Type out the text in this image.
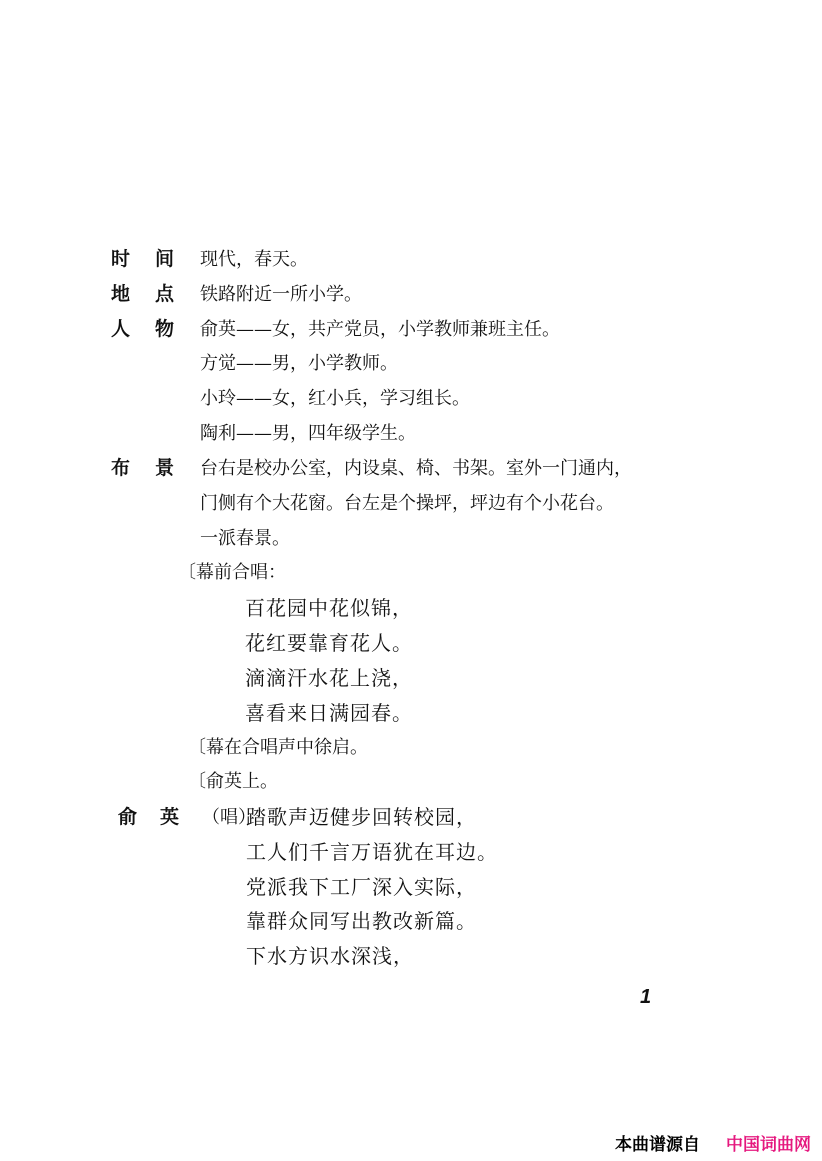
时 间 现代，春天。
地 点 铁路附近一所小学。
人 物 俞英——女，共产党员，小学教师兼班主任。
方觉——男，小学教师。
小玲——女，红小兵，学习组长。
陶利——男，四年级学生。
布 景 台右是校办公室，内设桌、椅、书架。室外一门通内，
门侧有个大花窗。台左是个操坪，坪边有个小花台。
一派春景。
〔幕前合唱：
百花园中花似锦，
花红要靠育花人。
滴滴汗水花上浇，
喜看来日满园春。
〔幕在合唱声中徐启。
〔俞英上。
俞 英 （唱）
踏歌声迈健步回转校园，
工人们千言万语犹在耳边。
党派我下工厂深入实际，
靠群众同写出教改新篇。
下水方识水深浅，
1
本曲谱源自 中国词曲网
